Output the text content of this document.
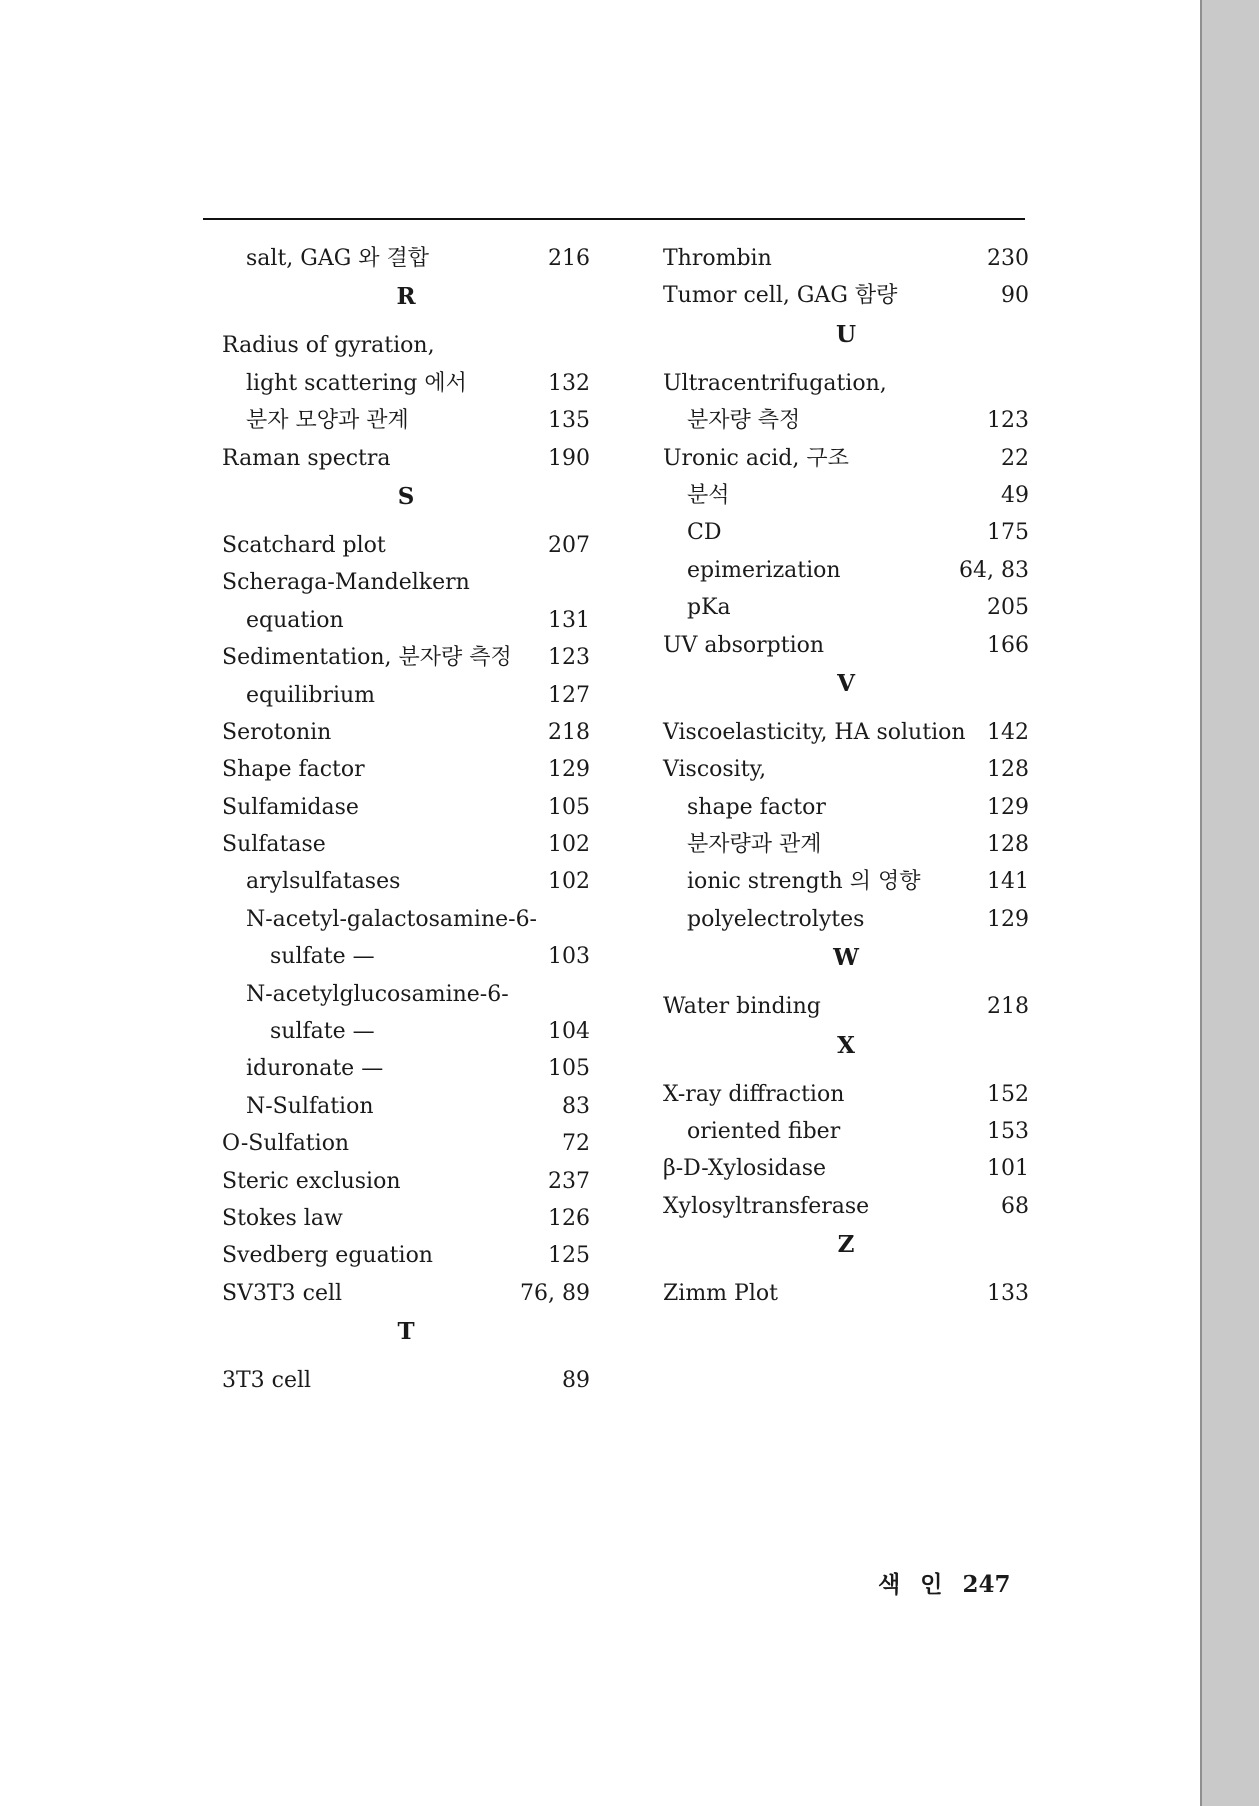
salt, GAG 와 결합	216
R
Radius of gyration,
light scattering 에서	132
분자 모양과 관계	135
Raman spectra	190
S
Scatchard plot	207
Scheraga-Mandelkern
equation	131
Sedimentation, 분자량 측정 123
equilibrium	127
Serotonin	218
Shape factor	129
Sulfamidase	105
Sulfatase	102
arylsulfatases	102
N-acetyl-galactosamine-6-
sulfate —	103
N-acetylglucosamine-6-
sulfate —	104
iduronate —	105
N-Sulfation	83
O-Sulfation	72
Steric exclusion	237
Stokes law	126
Svedberg eguation	125
SV3T3 cell	76, 89
T
3T3 cell	89
Thrombin	230
Tumor cell, GAG 함량	90
U
Ultracentrifugation,
분자량 측정	123
Uronic acid, 구조	22
분석	49
CD	175
epimerization	64, 83
pKa	205
UV absorption	166
V
Viscoelasticity, HA solution 142
Viscosity,	128
shape factor	129
분자량과 관계	128
ionic strength 의 영향	141
polyelectrolytes	129
W
Water binding	218
X
X-ray diffraction	152
oriented fiber	153
β-D-Xylosidase	101
Xylosyltransferase	68
Z
Zimm Plot	133
색 인 247
